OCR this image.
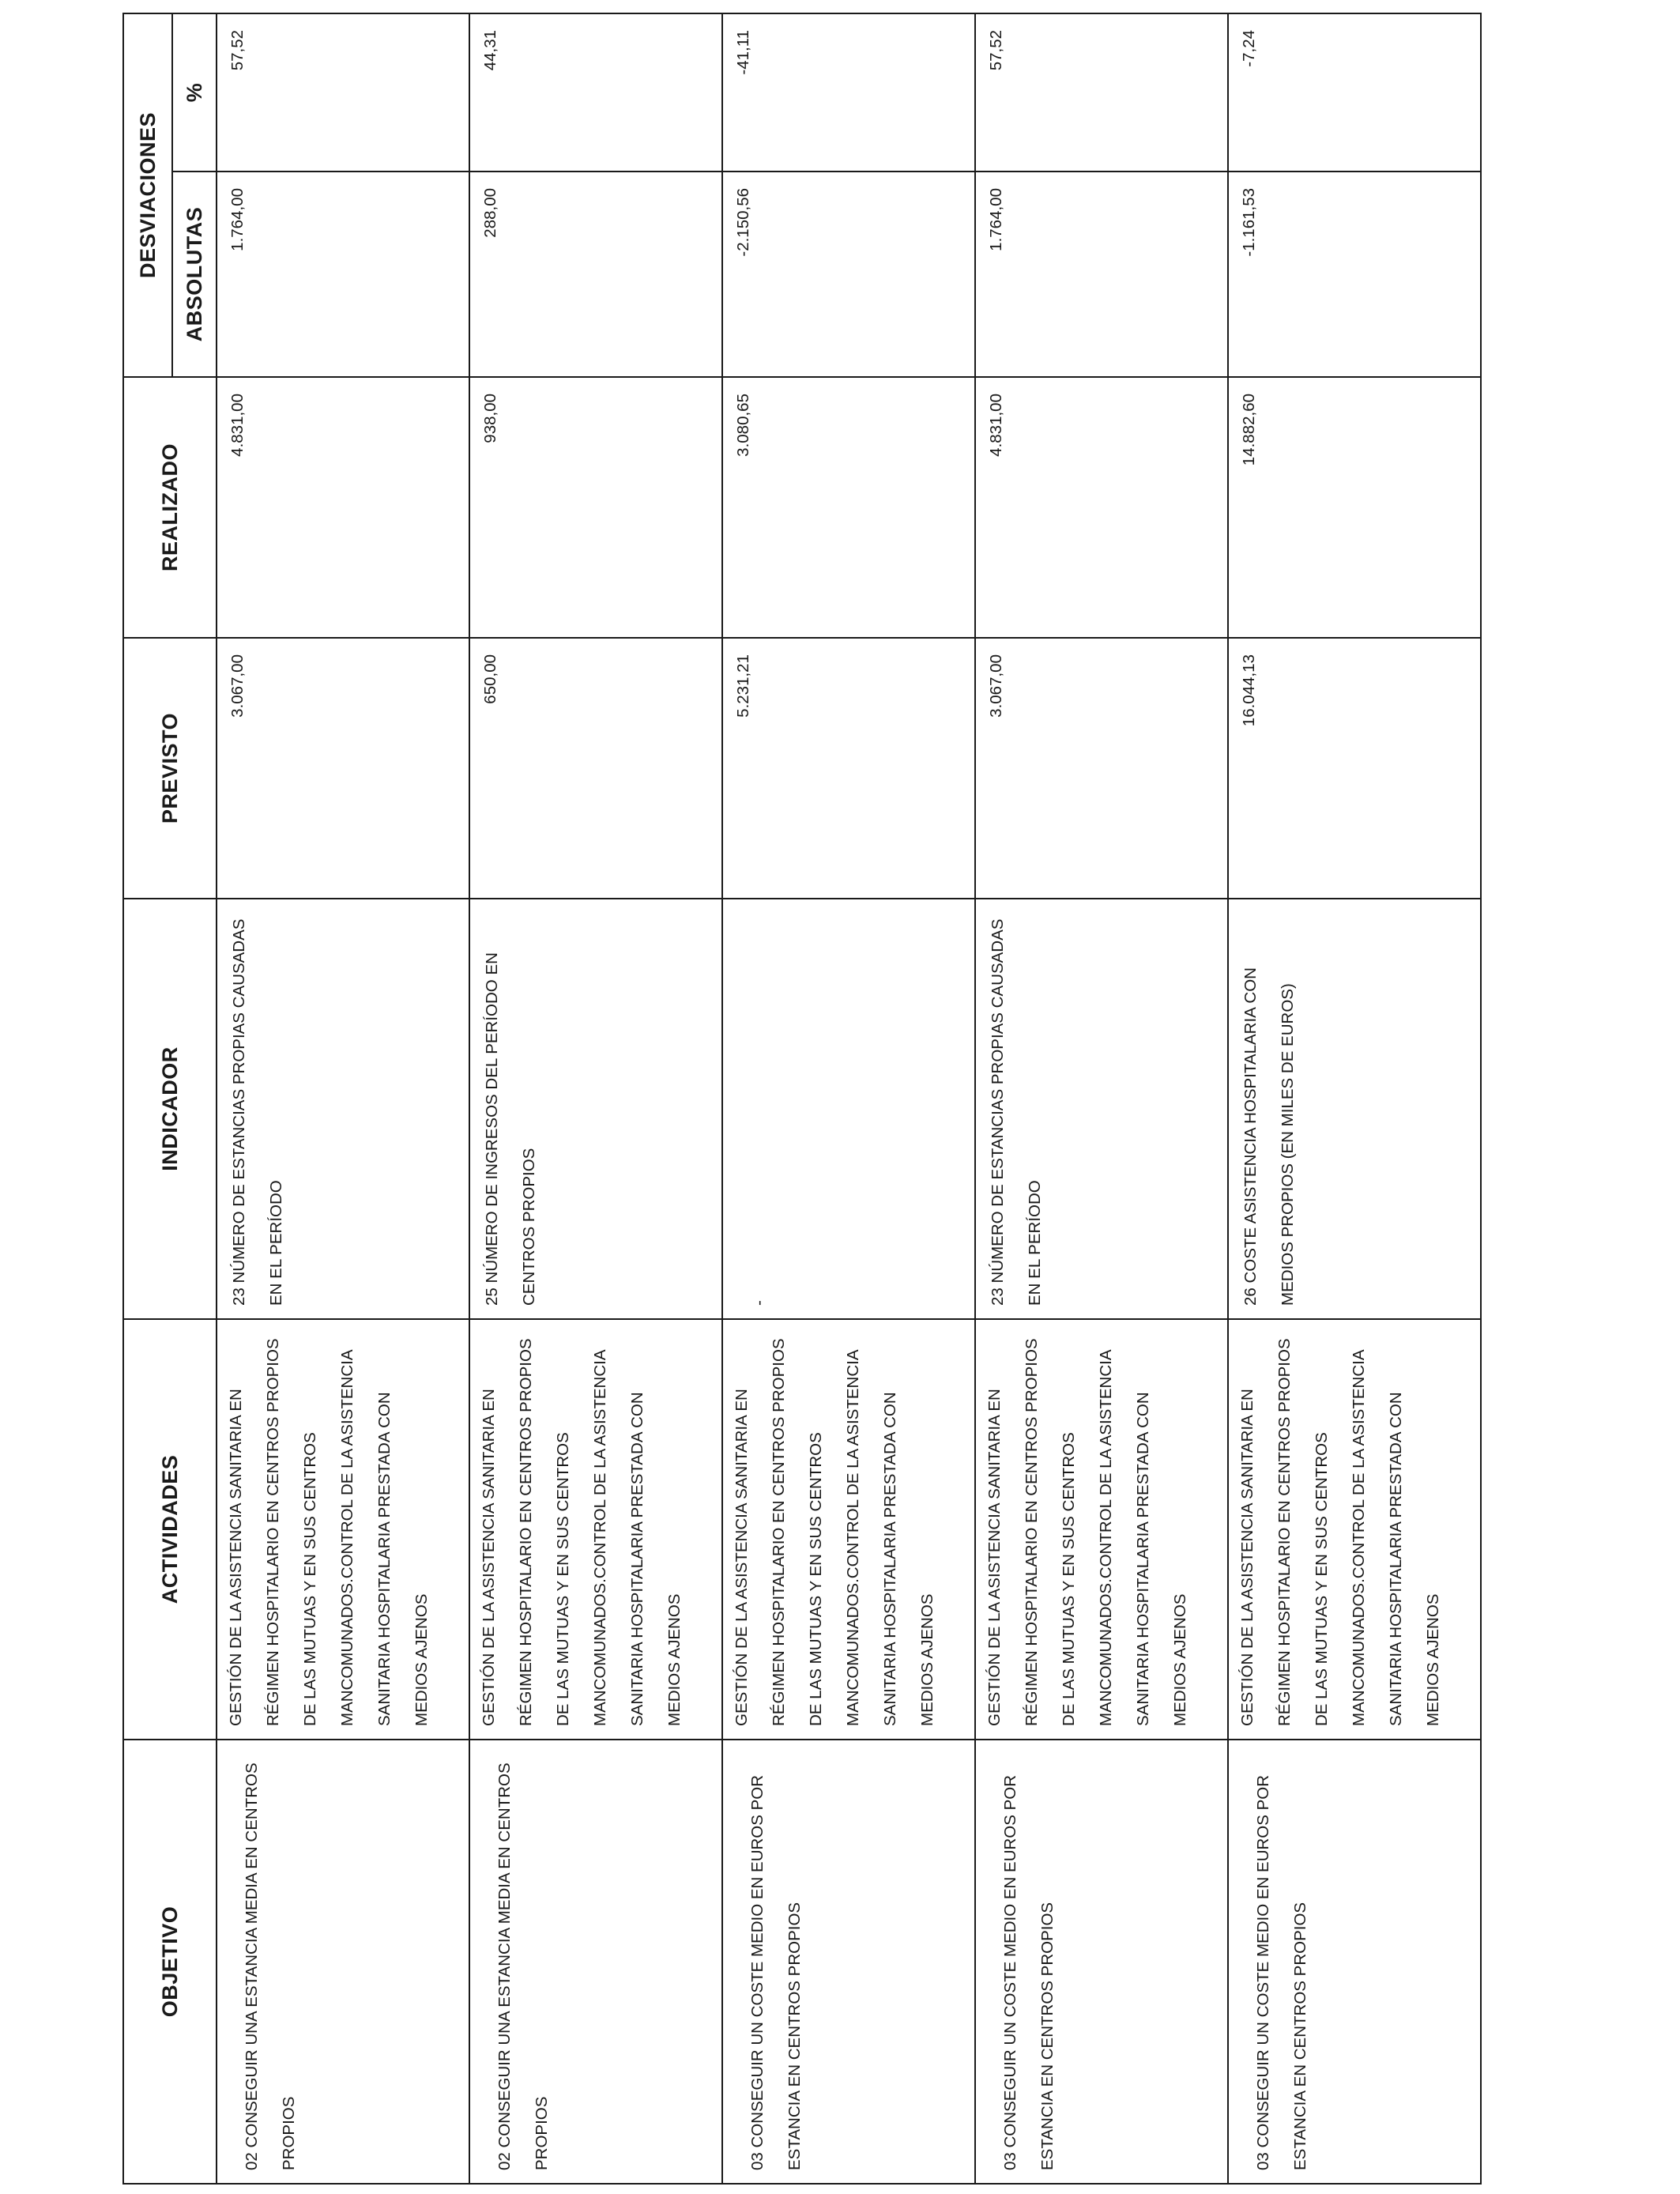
OBJETIVO	ACTIVIDADES	INDICADOR	PREVISTO	REALIZADO	DESVIACIONES	
					ABSOLUTAS	%

02 CONSEGUIR UNA ESTANCIA MEDIA EN CENTROS PROPIOS	GESTIÓN DE LA ASISTENCIA SANITARIA EN RÉGIMEN HOSPITALARIO EN CENTROS PROPIOS DE LAS MUTUAS Y EN SUS CENTROS MANCOMUNADOS.CONTROL DE LA ASISTENCIA SANITARIA HOSPITALARIA PRESTADA CON MEDIOS AJENOS	23 NÚMERO DE ESTANCIAS PROPIAS CAUSADAS EN EL PERÍODO	3.067,00	4.831,00	1.764,00	57,52

02 CONSEGUIR UNA ESTANCIA MEDIA EN CENTROS PROPIOS	GESTIÓN DE LA ASISTENCIA SANITARIA EN RÉGIMEN HOSPITALARIO EN CENTROS PROPIOS DE LAS MUTUAS Y EN SUS CENTROS MANCOMUNADOS.CONTROL DE LA ASISTENCIA SANITARIA HOSPITALARIA PRESTADA CON MEDIOS AJENOS	25 NÚMERO DE INGRESOS DEL PERÍODO EN CENTROS PROPIOS	650,00	938,00	288,00	44,31

03 CONSEGUIR UN COSTE MEDIO EN EUROS POR ESTANCIA EN CENTROS PROPIOS	GESTIÓN DE LA ASISTENCIA SANITARIA EN RÉGIMEN HOSPITALARIO EN CENTROS PROPIOS DE LAS MUTUAS Y EN SUS CENTROS MANCOMUNADOS.CONTROL DE LA ASISTENCIA SANITARIA HOSPITALARIA PRESTADA CON MEDIOS AJENOS	-	5.231,21	3.080,65	-2.150,56	-41,11

03 CONSEGUIR UN COSTE MEDIO EN EUROS POR ESTANCIA EN CENTROS PROPIOS	GESTIÓN DE LA ASISTENCIA SANITARIA EN RÉGIMEN HOSPITALARIO EN CENTROS PROPIOS DE LAS MUTUAS Y EN SUS CENTROS MANCOMUNADOS.CONTROL DE LA ASISTENCIA SANITARIA HOSPITALARIA PRESTADA CON MEDIOS AJENOS	23 NÚMERO DE ESTANCIAS PROPIAS CAUSADAS EN EL PERÍODO	3.067,00	4.831,00	1.764,00	57,52

03 CONSEGUIR UN COSTE MEDIO EN EUROS POR ESTANCIA EN CENTROS PROPIOS	GESTIÓN DE LA ASISTENCIA SANITARIA EN RÉGIMEN HOSPITALARIO EN CENTROS PROPIOS DE LAS MUTUAS Y EN SUS CENTROS MANCOMUNADOS.CONTROL DE LA ASISTENCIA SANITARIA HOSPITALARIA PRESTADA CON MEDIOS AJENOS	26 COSTE ASISTENCIA HOSPITALARIA CON MEDIOS PROPIOS (EN MILES DE EUROS)	16.044,13	14.882,60	-1.161,53	-7,24
